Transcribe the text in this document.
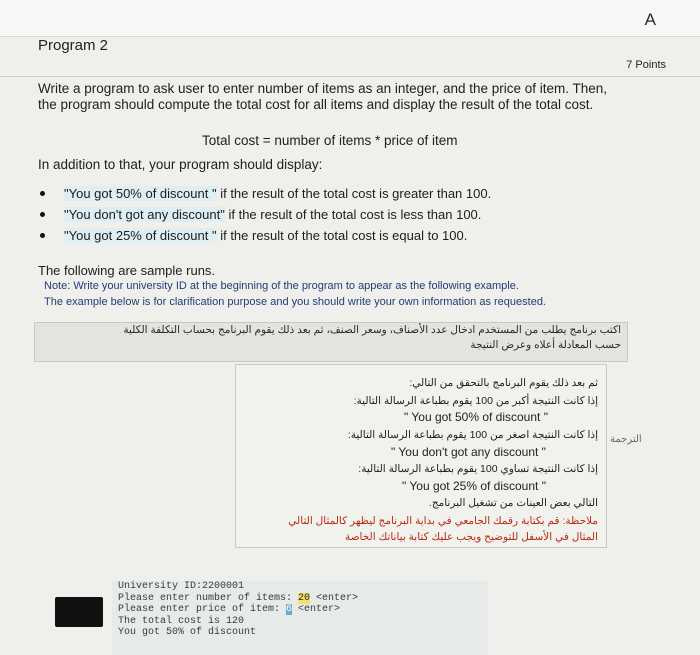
A
Program 2
7 Points
Write a program to ask user to enter number of items as an integer, and the price of item. Then,
the program should compute the total cost for all items and display the result of the total cost.
Total cost = number of items * price of item
In addition to that, your program should display:
"You got 50% of discount " if the result of the total cost is greater than 100.
"You don't got any discount" if the result of the total cost is less than 100.
"You got 25% of discount " if the result of the total cost is equal to 100.
The following are sample runs.
Note: Write your university ID at the beginning of the program to appear as the following example.
The example below is for clarification purpose and you should write your own information as requested.
اكتب برنامج يطلب من المستخدم ادخال عدد الأصناف، وسعر الصنف، ثم بعد ذلك يقوم البرنامج بحساب التكلفة الكلية
حسب المعادلة أعلاه وعرض النتيجة
ثم بعد ذلك يقوم البرنامج بالتحقق من التالي:
إذا كانت النتيجة أكبر من 100 يقوم بطباعة الرسالة التالية:
" You got 50% of discount "
إذا كانت النتيجة اصغر من 100 يقوم بطباعة الرسالة التالية:
" You don't got any discount "
إذا كانت النتيجة تساوي 100 يقوم بطباعة الرسالة التالية:
" You got 25% of discount "
التالي بعض العينات من تشغيل البرنامج.
ملاحظة: قم بكتابة رقمك الجامعي في بداية البرنامج ليظهر كالمثال التالي
المثال في الأسفل للتوضيح ويجب عليك كتابة بياناتك الخاصة
الترجمة
University ID:2200001
Please enter number of items: 20 <enter>
Please enter price of item: 6 <enter>
The total cost is 120
You got 50% of discount
